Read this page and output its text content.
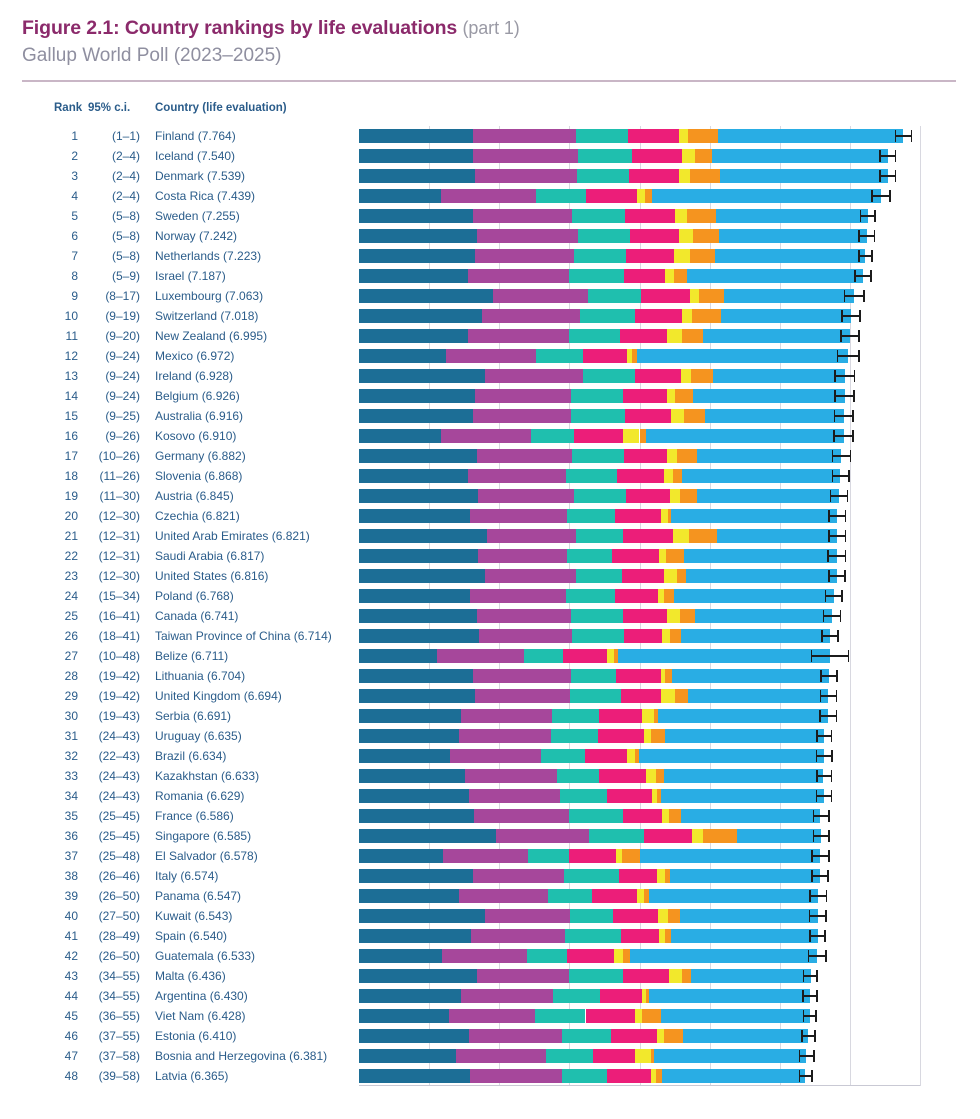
Figure 2.1: Country rankings by life evaluations (part 1)
Gallup World Poll (2023–2025)
Rank 95% c.i. Country (life evaluation)
1	(1–1) Finland (7.764)
2	(2–4) Iceland (7.540)
3	(2–4) Denmark (7.539)
4	(2–4) Costa Rica (7.439)
5	(5–8) Sweden (7.255)
6	(5–8) Norway (7.242)
7	(5–8) Netherlands (7.223)
8	(5–9) Israel (7.187)
9	(8–17) Luxembourg (7.063)
10	(9–19) Switzerland (7.018)
11	(9–20) New Zealand (6.995)
12	(9–24) Mexico (6.972)
13	(9–24) Ireland (6.928)
14	(9–24) Belgium (6.926)
15	(9–25) Australia (6.916)
16	(9–26) Kosovo (6.910)
17	(10–26) Germany (6.882)
18	(11–26) Slovenia (6.868)
19	(11–30) Austria (6.845)
20	(12–30) Czechia (6.821)
21	(12–31) United Arab Emirates (6.821)
22	(12–31) Saudi Arabia (6.817)
23	(12–30) United States (6.816)
24	(15–34) Poland (6.768)
25	(16–41) Canada (6.741)
26	(18–41) Taiwan Province of China (6.714)
27	(10–48) Belize (6.711)
28	(19–42) Lithuania (6.704)
29	(19–42) United Kingdom (6.694)
30	(19–43) Serbia (6.691)
31	(24–43) Uruguay (6.635)
32	(22–43) Brazil (6.634)
33	(24–43) Kazakhstan (6.633)
34	(24–43) Romania (6.629)
35	(25–45) France (6.586)
36	(25–45) Singapore (6.585)
37	(25–48) El Salvador (6.578)
38	(26–46) Italy (6.574)
39	(26–50) Panama (6.547)
40	(27–50) Kuwait (6.543)
41	(28–49) Spain (6.540)
42	(26–50) Guatemala (6.533)
43	(34–55) Malta (6.436)
44	(34–55) Argentina (6.430)
45	(36–55) Viet Nam (6.428)
46	(37–55) Estonia (6.410)
47	(37–58) Bosnia and Herzegovina (6.381)
48	(39–58) Latvia (6.365)
